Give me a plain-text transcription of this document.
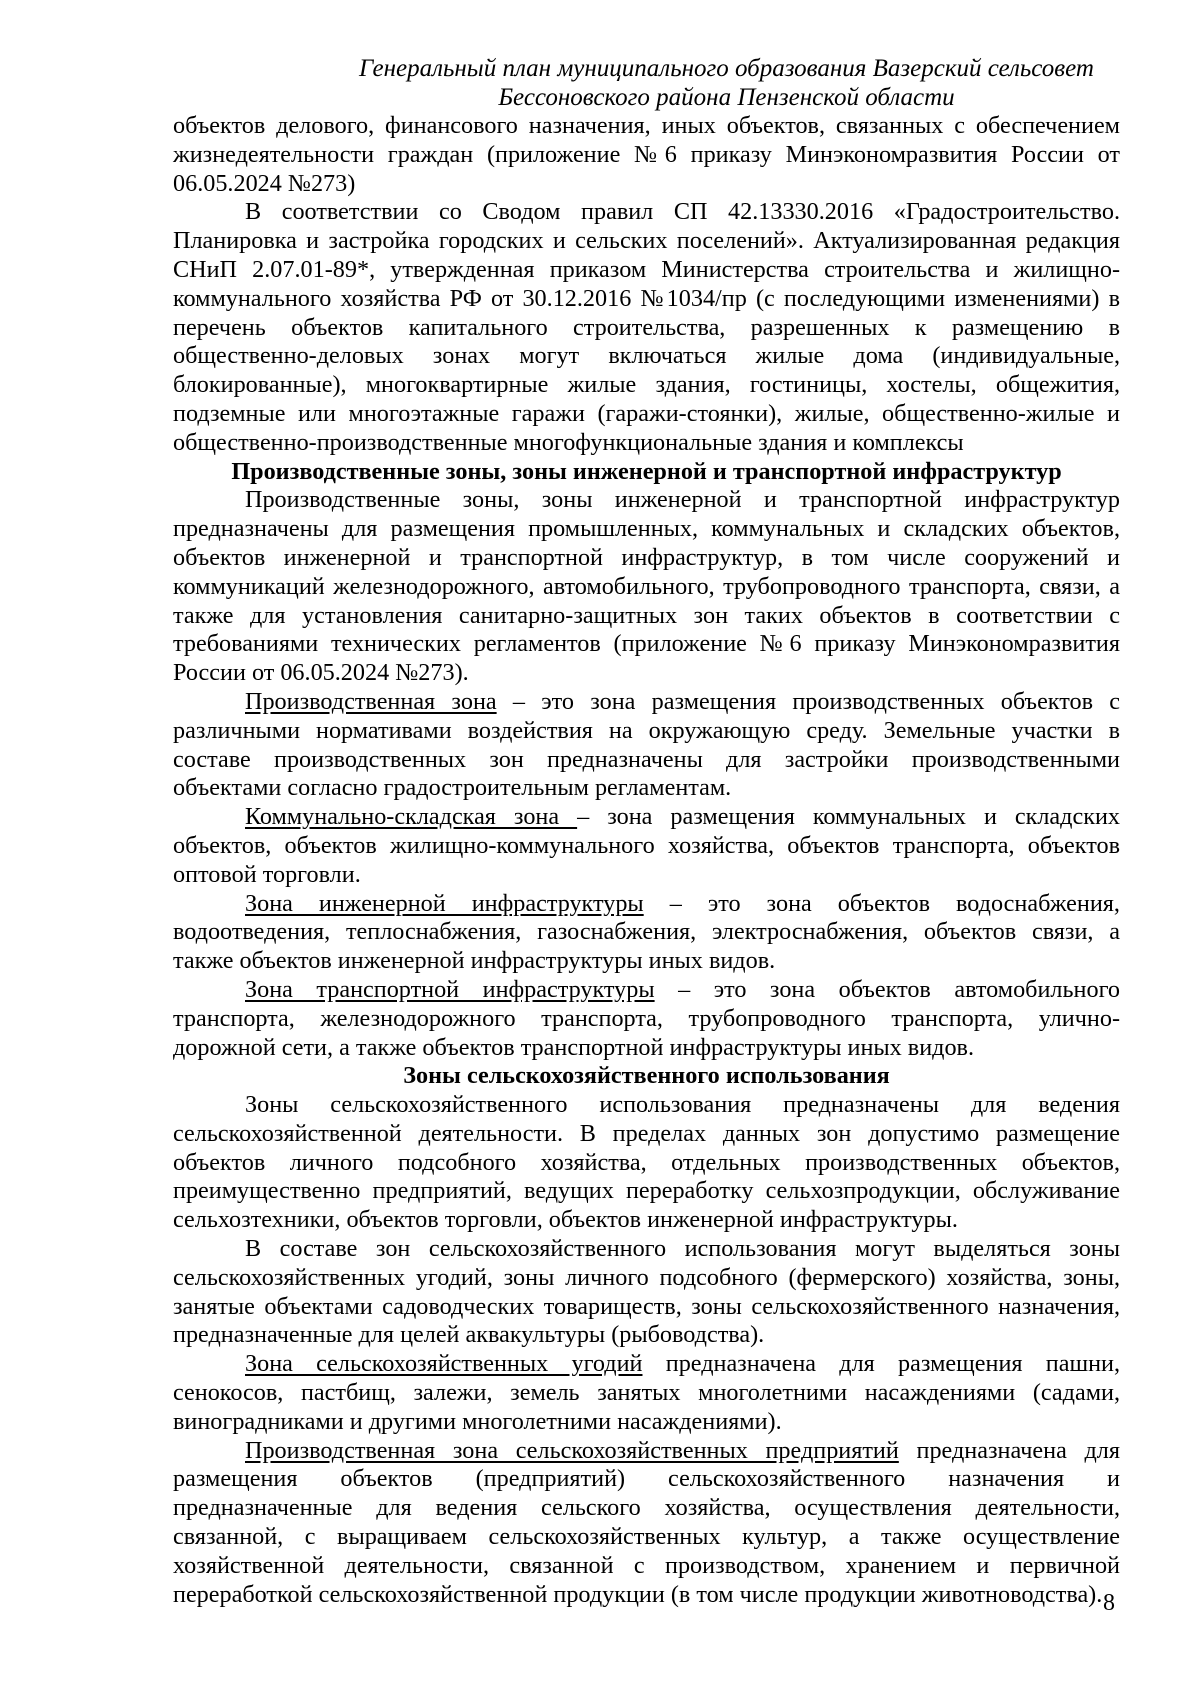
Генеральный план муниципального образования Вазерский сельсовет
Бессоновского района Пензенской области

объектов делового, финансового назначения, иных объектов, связанных с обеспечением жизнедеятельности граждан (приложение №6 приказу Минэкономразвития России от 06.05.2024 №273)

В соответствии со Сводом правил СП 42.13330.2016 «Градостроительство. Планировка и застройка городских и сельских поселений». Актуализированная редакция СНиП 2.07.01-89*, утвержденная приказом Министерства строительства и жилищно-коммунального хозяйства РФ от 30.12.2016 №1034/пр (с последующими изменениями) в перечень объектов капитального строительства, разрешенных к размещению в общественно-деловых зонах могут включаться жилые дома (индивидуальные, блокированные), многоквартирные жилые здания, гостиницы, хостелы, общежития, подземные или многоэтажные гаражи (гаражи-стоянки), жилые, общественно-жилые и общественно-производственные многофункциональные здания и комплексы

Производственные зоны, зоны инженерной и транспортной инфраструктур

Производственные зоны, зоны инженерной и транспортной инфраструктур предназначены для размещения промышленных, коммунальных и складских объектов, объектов инженерной и транспортной инфраструктур, в том числе сооружений и коммуникаций железнодорожного, автомобильного, трубопроводного транспорта, связи, а также для установления санитарно-защитных зон таких объектов в соответствии с требованиями технических регламентов (приложение №6 приказу Минэкономразвития России от 06.05.2024 №273).

Производственная зона – это зона размещения производственных объектов с различными нормативами воздействия на окружающую среду. Земельные участки в составе производственных зон предназначены для застройки производственными объектами согласно градостроительным регламентам.

Коммунально-складская зона – зона размещения коммунальных и складских объектов, объектов жилищно-коммунального хозяйства, объектов транспорта, объектов оптовой торговли.

Зона инженерной инфраструктуры – это зона объектов водоснабжения, водоотведения, теплоснабжения, газоснабжения, электроснабжения, объектов связи, а также объектов инженерной инфраструктуры иных видов.

Зона транспортной инфраструктуры – это зона объектов автомобильного транспорта, железнодорожного транспорта, трубопроводного транспорта, улично-дорожной сети, а также объектов транспортной инфраструктуры иных видов.

Зоны сельскохозяйственного использования

Зоны сельскохозяйственного использования предназначены для ведения сельскохозяйственной деятельности. В пределах данных зон допустимо размещение объектов личного подсобного хозяйства, отдельных производственных объектов, преимущественно предприятий, ведущих переработку сельхозпродукции, обслуживание сельхозтехники, объектов торговли, объектов инженерной инфраструктуры.

В составе зон сельскохозяйственного использования могут выделяться зоны сельскохозяйственных угодий, зоны личного подсобного (фермерского) хозяйства, зоны, занятые объектами садоводческих товариществ, зоны сельскохозяйственного назначения, предназначенные для целей аквакультуры (рыбоводства).

Зона сельскохозяйственных угодий предназначена для размещения пашни, сенокосов, пастбищ, залежи, земель занятых многолетними насаждениями (садами, виноградниками и другими многолетними насаждениями).

Производственная зона сельскохозяйственных предприятий предназначена для размещения объектов (предприятий) сельскохозяйственного назначения и предназначенные для ведения сельского хозяйства, осуществления деятельности, связанной, с выращиваем сельскохозяйственных культур, а также осуществление хозяйственной деятельности, связанной с производством, хранением и первичной переработкой сельскохозяйственной продукции (в том числе продукции животноводства). 8
